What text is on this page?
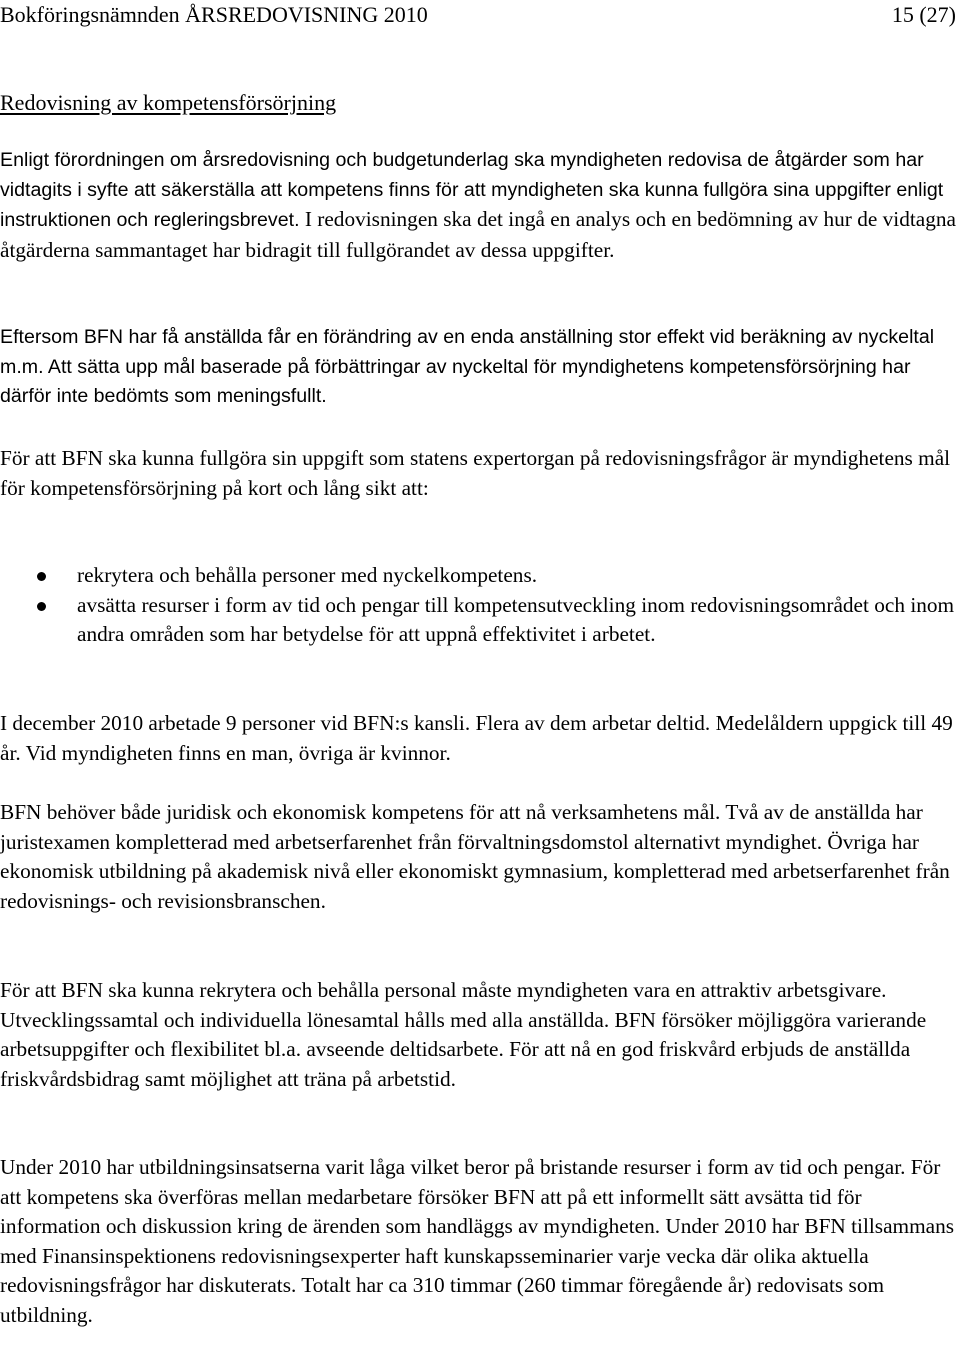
Bokföringsnämnden ÅRSREDOVISNING 2010	15 (27)
Redovisning av kompetensförsörjning
Enligt förordningen om årsredovisning och budgetunderlag ska myndigheten redovisa de åtgärder som har vidtagits i syfte att säkerställa att kompetens finns för att myndigheten ska kunna fullgöra sina uppgifter enligt instruktionen och regleringsbrevet. I redovisningen ska det ingå en analys och en bedömning av hur de vidtagna åtgärderna sammantaget har bidragit till fullgörandet av dessa uppgifter.
Eftersom BFN har få anställda får en förändring av en enda anställning stor effekt vid beräkning av nyckeltal m.m. Att sätta upp mål baserade på förbättringar av nyckeltal för myndighetens kompetensförsörjning har därför inte bedömts som meningsfullt.
För att BFN ska kunna fullgöra sin uppgift som statens expertorgan på redovisningsfrågor är myndighetens mål för kompetensförsörjning på kort och lång sikt att:
rekrytera och behålla personer med nyckelkompetens.
avsätta resurser i form av tid och pengar till kompetensutveckling inom redovisningsområdet och inom andra områden som har betydelse för att uppnå effektivitet i arbetet.
I december 2010 arbetade 9 personer vid BFN:s kansli. Flera av dem arbetar deltid. Medelåldern uppgick till 49 år. Vid myndigheten finns en man, övriga är kvinnor.
BFN behöver både juridisk och ekonomisk kompetens för att nå verksamhetens mål. Två av de anställda har juristexamen kompletterad med arbetserfarenhet från förvaltningsdomstol alternativt myndighet. Övriga har ekonomisk utbildning på akademisk nivå eller ekonomiskt gymnasium, kompletterad med arbetserfarenhet från redovisnings- och revisionsbranschen.
För att BFN ska kunna rekrytera och behålla personal måste myndigheten vara en attraktiv arbetsgivare. Utvecklingssamtal och individuella lönesamtal hålls med alla anställda. BFN försöker möjliggöra varierande arbetsuppgifter och flexibilitet bl.a. avseende deltidsarbete. För att nå en god friskvård erbjuds de anställda friskvårdsbidrag samt möjlighet att träna på arbetstid.
Under 2010 har utbildningsinsatserna varit låga vilket beror på bristande resurser i form av tid och pengar. För att kompetens ska överföras mellan medarbetare försöker BFN att på ett informellt sätt avsätta tid för information och diskussion kring de ärenden som handläggs av myndigheten. Under 2010 har BFN tillsammans med Finansinspektionens redovisningsexperter haft kunskapsseminarier varje vecka där olika aktuella redovisningsfrågor har diskuterats. Totalt har ca 310 timmar (260 timmar föregående år) redovisats som utbildning.
